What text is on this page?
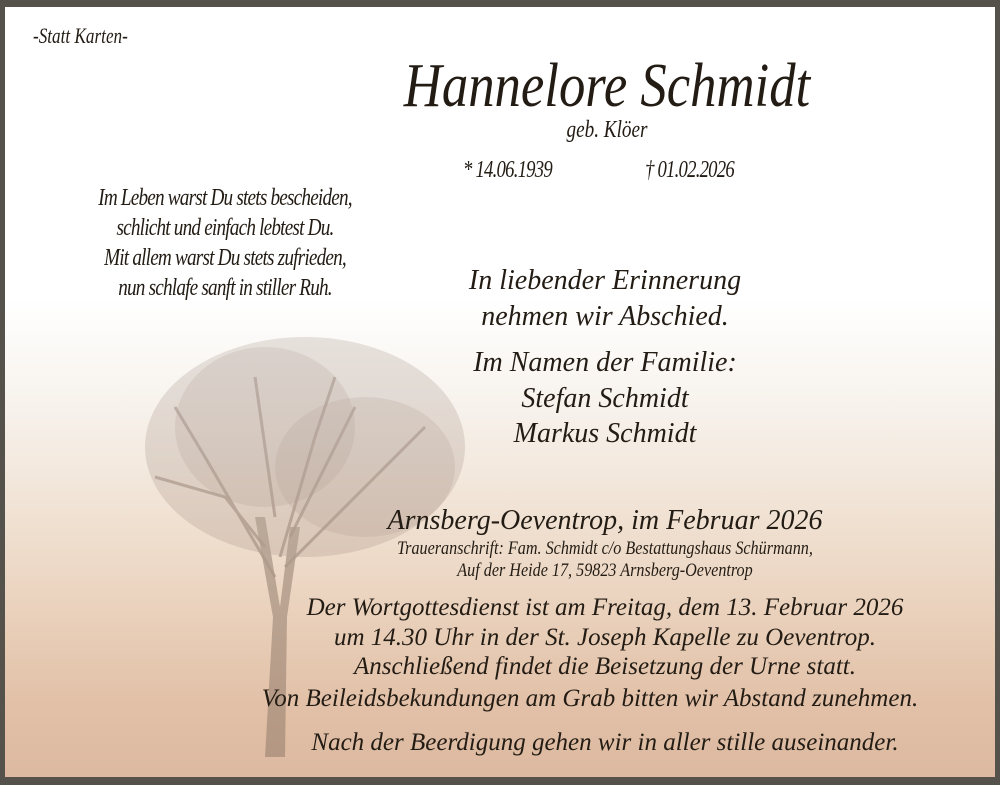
-Statt Karten-
Hannelore Schmidt
geb. Klöer
* 14.06.1939	† 01.02.2026
Im Leben warst Du stets bescheiden,
schlicht und einfach lebtest Du.
Mit allem warst Du stets zufrieden,
nun schlafe sanft in stiller Ruh.	In liebender Erinnerung
nehmen wir Abschied.
Im Namen der Familie:
Stefan Schmidt
Markus Schmidt
Arnsberg-Oeventrop, im Februar 2026
Traueranschrift: Fam. Schmidt c/o Bestattungshaus Schürmann,
Auf der Heide 17, 59823 Arnsberg-Oeventrop
Der Wortgottesdienst ist am Freitag, dem 13. Februar 2026
um 14.30 Uhr in der St. Joseph Kapelle zu Oeventrop.
Anschließend findet die Beisetzung der Urne statt.
Von Beileidsbekundungen am Grab bitten wir Abstand zunehmen.
Nach der Beerdigung gehen wir in aller stille auseinander.
